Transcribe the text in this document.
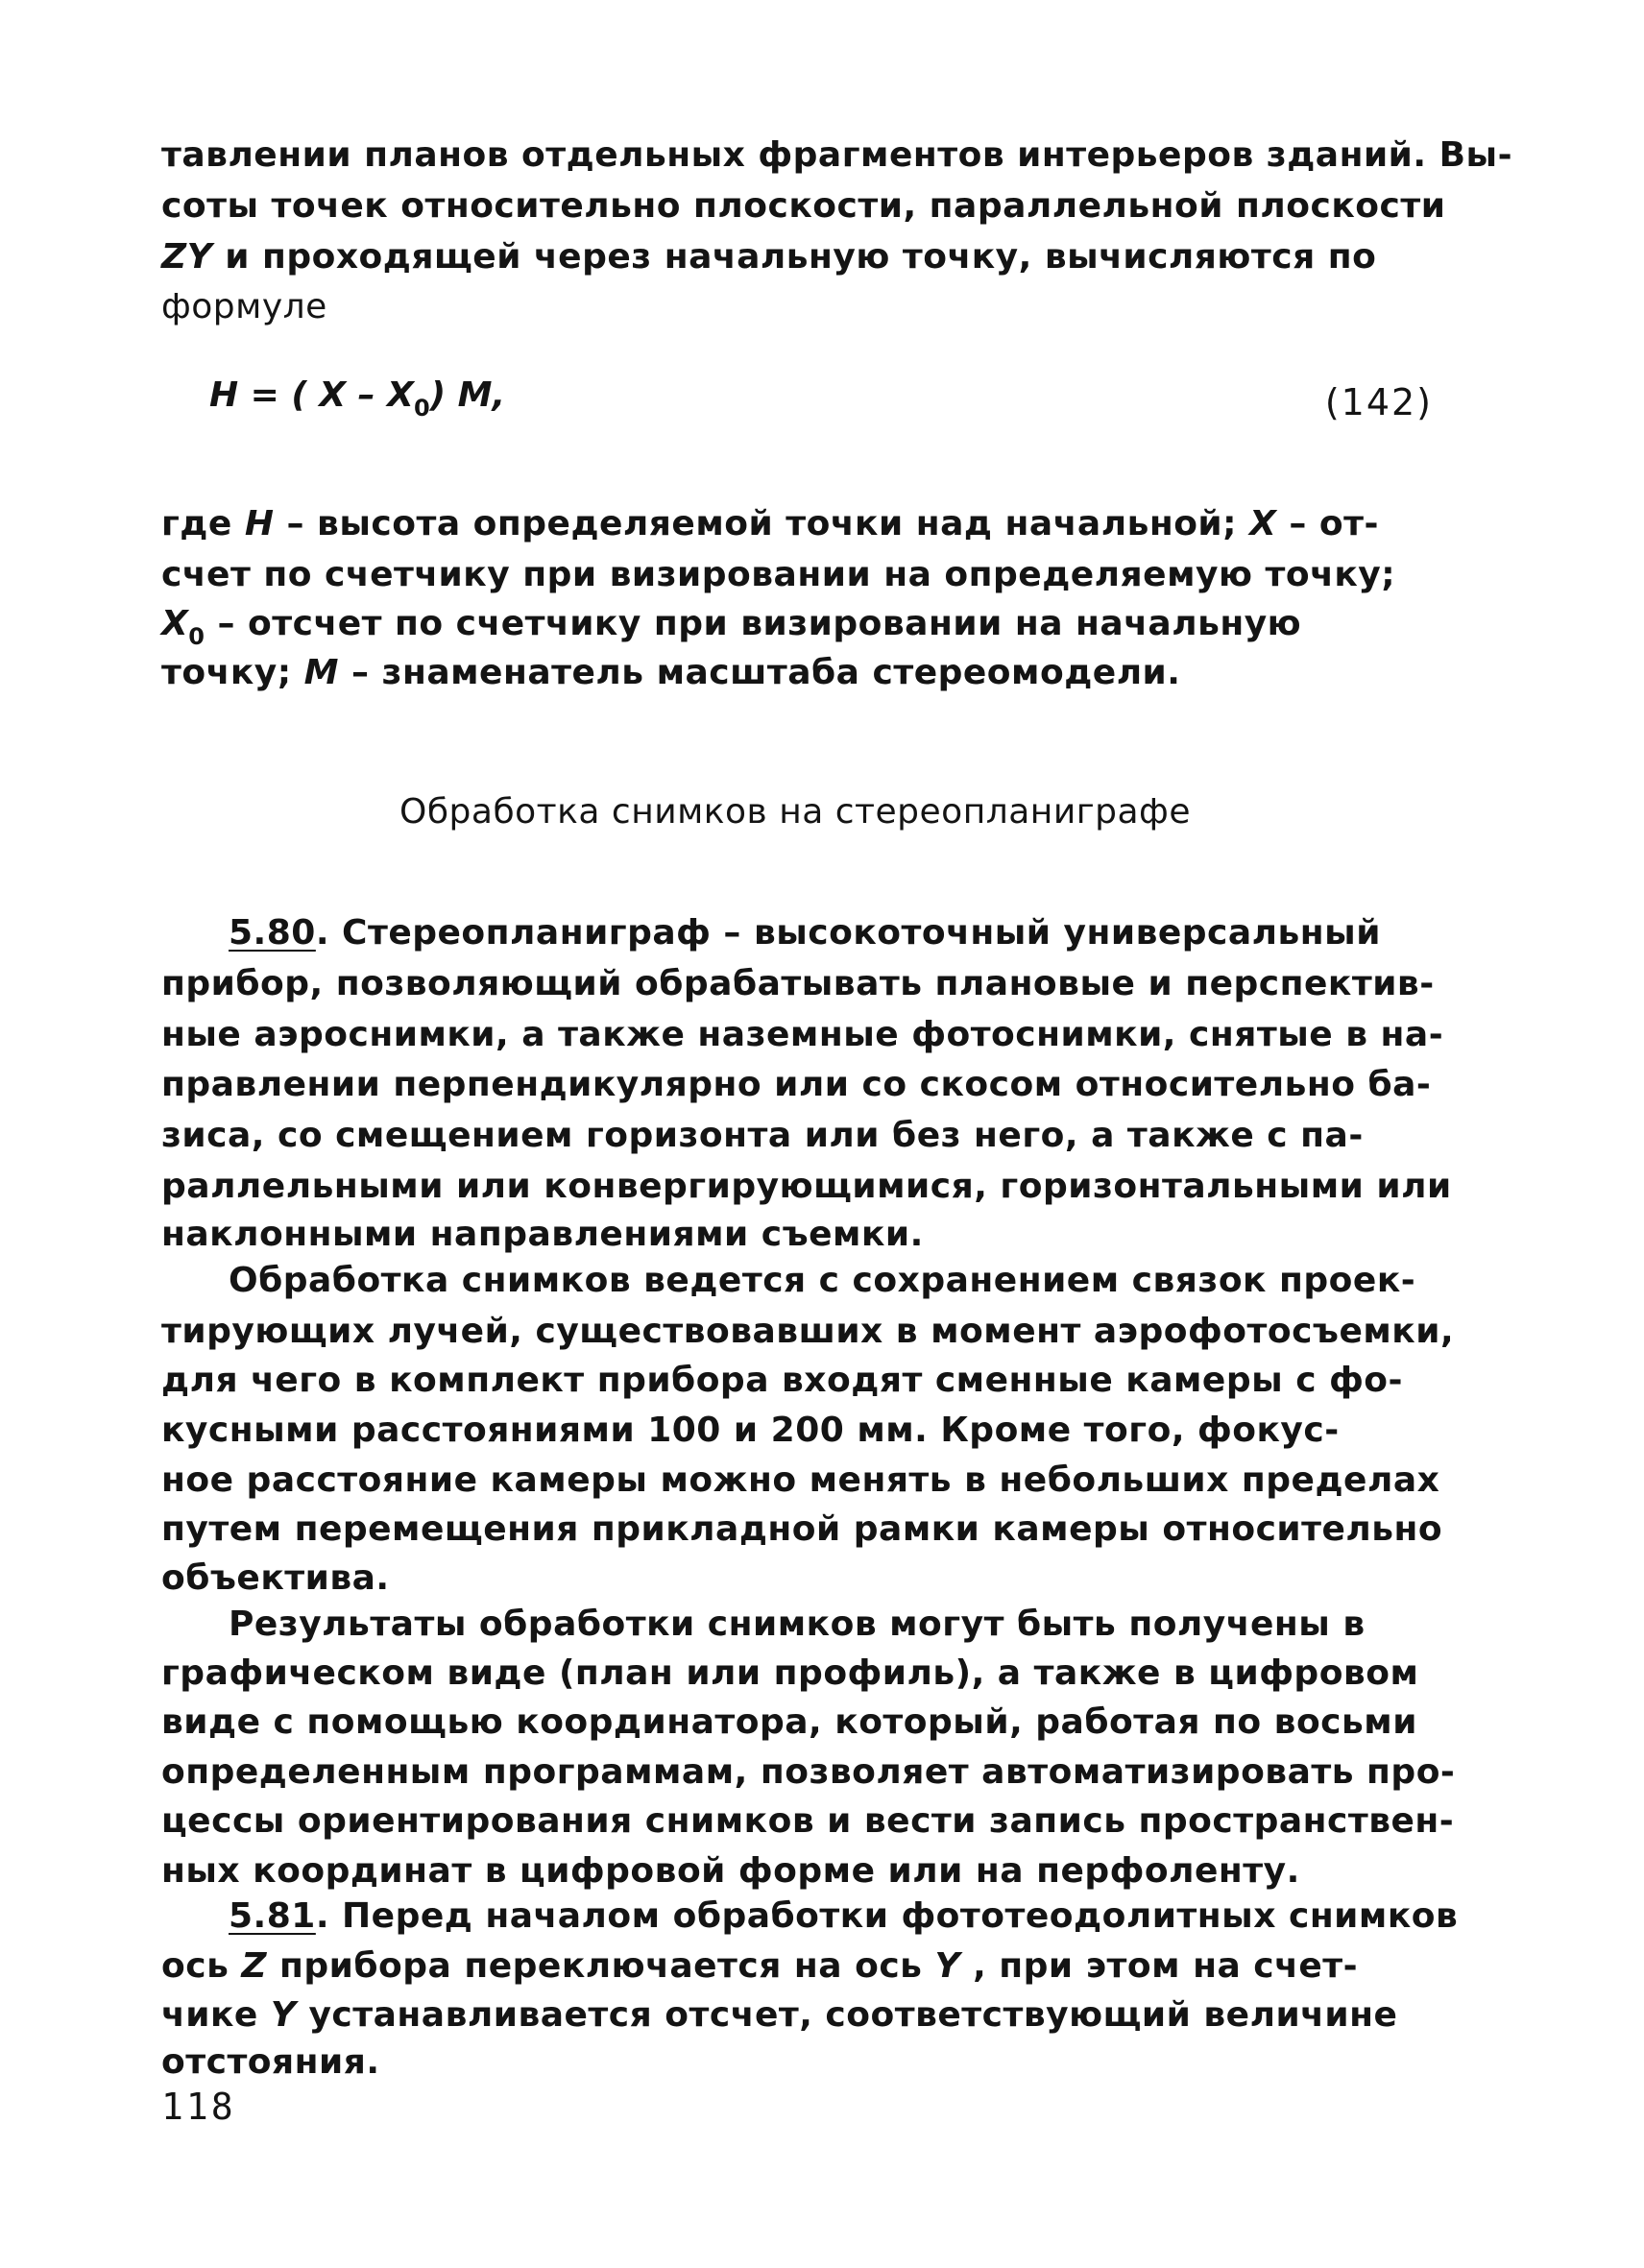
тавлении планов отдельных фрагментов интерьеров зданий. Вы-
соты точек относительно плоскости, параллельной плоскости
ZY и проходящей через начальную точку, вычисляются по
формуле
H = ( X – $X_0$) M,	(142)
где H – высота определяемой точки над начальной; X – от-
счет по счетчику при визировании на определяемую точку;
$X_0$ – отсчет по счетчику при визировании на начальную
точку; M – знаменатель масштаба стереомодели.
Обработка снимков на стереопланиграфе
5.80. Стереопланиграф – высокоточный универсальный
прибор, позволяющий обрабатывать плановые и перспектив-
ные аэроснимки, а также наземные фотоснимки, снятые в на-
правлении перпендикулярно или со скосом относительно ба-
зиса, со смещением горизонта или без него, а также с па-
раллельными или конвергирующимися, горизонтальными или
наклонными направлениями съемки.
Обработка снимков ведется с сохранением связок проек-
тирующих лучей, существовавших в момент аэрофотосъемки,
для чего в комплект прибора входят сменные камеры с фо-
кусными расстояниями 100 и 200 мм. Кроме того, фокус-
ное расстояние камеры можно менять в небольших пределах
путем перемещения прикладной рамки камеры относительно
объектива.
Результаты обработки снимков могут быть получены в
графическом виде (план или профиль), а также в цифровом
виде с помощью координатора, который, работая по восьми
определенным программам, позволяет автоматизировать про-
цессы ориентирования снимков и вести запись пространствен-
ных координат в цифровой форме или на перфоленту.
5.81. Перед началом обработки фототеодолитных снимков
ось Z прибора переключается на ось Y , при этом на счет-
чике Y устанавливается отсчет, соответствующий величине
отстояния.
118
